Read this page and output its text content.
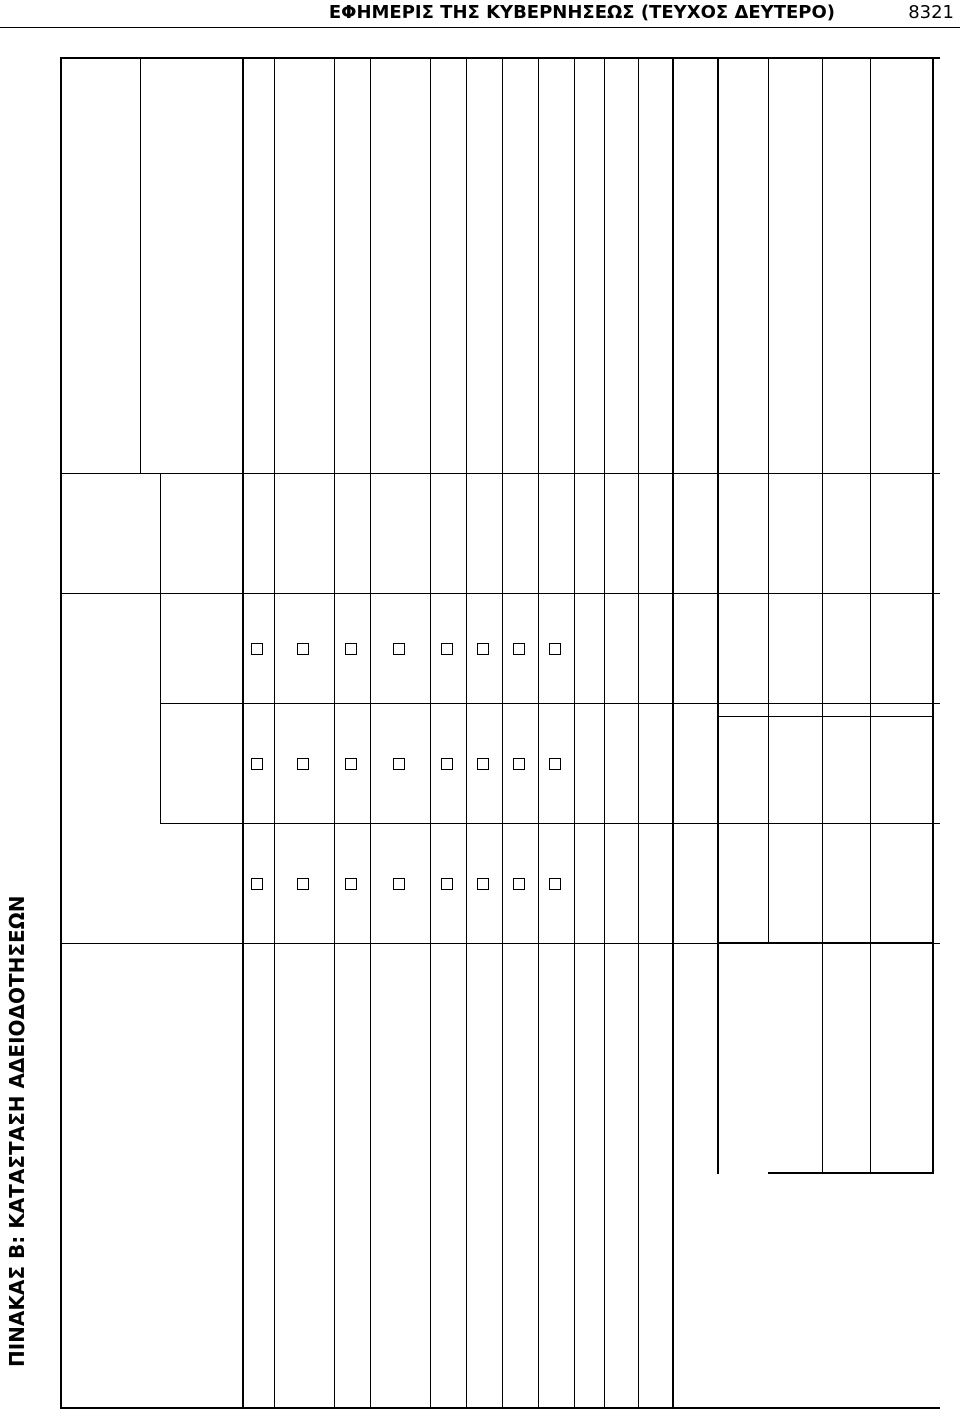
ΕΦΗΜΕΡΙΣ ΤΗΣ ΚΥΒΕΡΝΗΣΕΩΣ (ΤΕΥΧΟΣ ΔΕΥΤΕΡΟ)	8321
ΠΙΝΑΚΑΣ Β: ΚΑΤΑΣΤΑΣΗ ΑΔΕΙΟΔΟΤΗΣΕΩΝ
